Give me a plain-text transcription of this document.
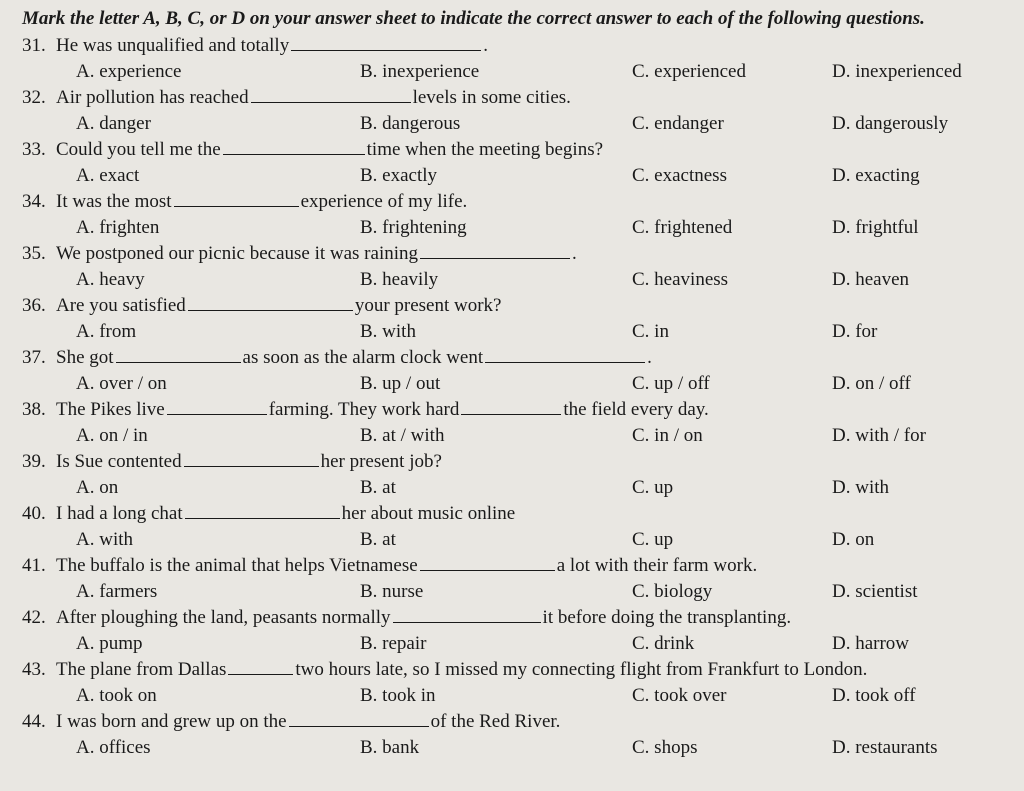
Mark the letter A, B, C, or D on your answer sheet to indicate the correct answer to each of the following questions.
31. He was unqualified and totally	.
A. experience	B. inexperience	C. experienced	D. inexperienced
32. Air pollution has reached	levels in some cities.
A. danger	B. dangerous	C. endanger	D. dangerously
33. Could you tell me the	time when the meeting begins?
A. exact	B. exactly	C. exactness	D. exacting
34. It was the most	experience of my life.
A. frighten	B. frightening	C. frightened	D. frightful
35. We postponed our picnic because it was raining	.
A. heavy	B. heavily	C. heaviness	D. heaven
36. Are you satisfied	your present work?
A. from	B. with	C. in	D. for
37. She got	as soon as the alarm clock went	.
A. over / on	B. up / out	C. up / off	D. on / off
38. The Pikes live	farming. They work hard	the field every day.
A. on / in	B. at / with	C. in / on	D. with / for
39. Is Sue contented	her present job?
A. on	B. at	C. up	D. with
40. I had a long chat	her about music online
A. with	B. at	C. up	D. on
41. The buffalo is the animal that helps Vietnamese	a lot with their farm work.
A. farmers	B. nurse	C. biology	D. scientist
42. After ploughing the land, peasants normally	it before doing the transplanting.
A. pump	B. repair	C. drink	D. harrow
43. The plane from Dallas	two hours late, so I missed my connecting flight from Frankfurt to London.
A. took on	B. took in	C. took over	D. took off
44. I was born and grew up on the	of the Red River.
A. offices	B. bank	C. shops	D. restaurants
